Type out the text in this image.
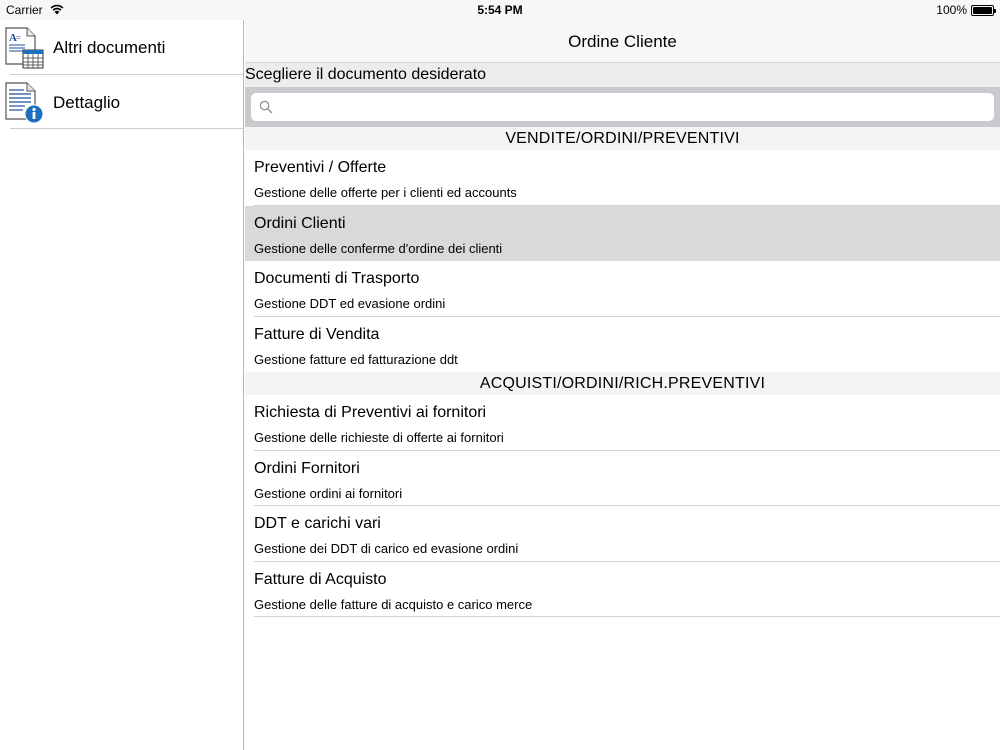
Carrier	5:54 PM	100%
A = Altri documenti
Dettaglio
Ordine Cliente
Scegliere il documento desiderato
VENDITE/ORDINI/PREVENTIVI
Preventivi / Offerte
Gestione delle offerte per i clienti ed accounts
Ordini Clienti
Gestione delle conferme d'ordine dei clienti
Documenti di Trasporto
Gestione DDT ed evasione ordini
Fatture di Vendita
Gestione fatture ed fatturazione ddt
ACQUISTI/ORDINI/RICH.PREVENTIVI
Richiesta di Preventivi ai fornitori
Gestione delle richieste di offerte ai fornitori
Ordini Fornitori
Gestione ordini ai fornitori
DDT e carichi vari
Gestione dei DDT di carico ed evasione ordini
Fatture di Acquisto
Gestione delle fatture di acquisto e carico merce
